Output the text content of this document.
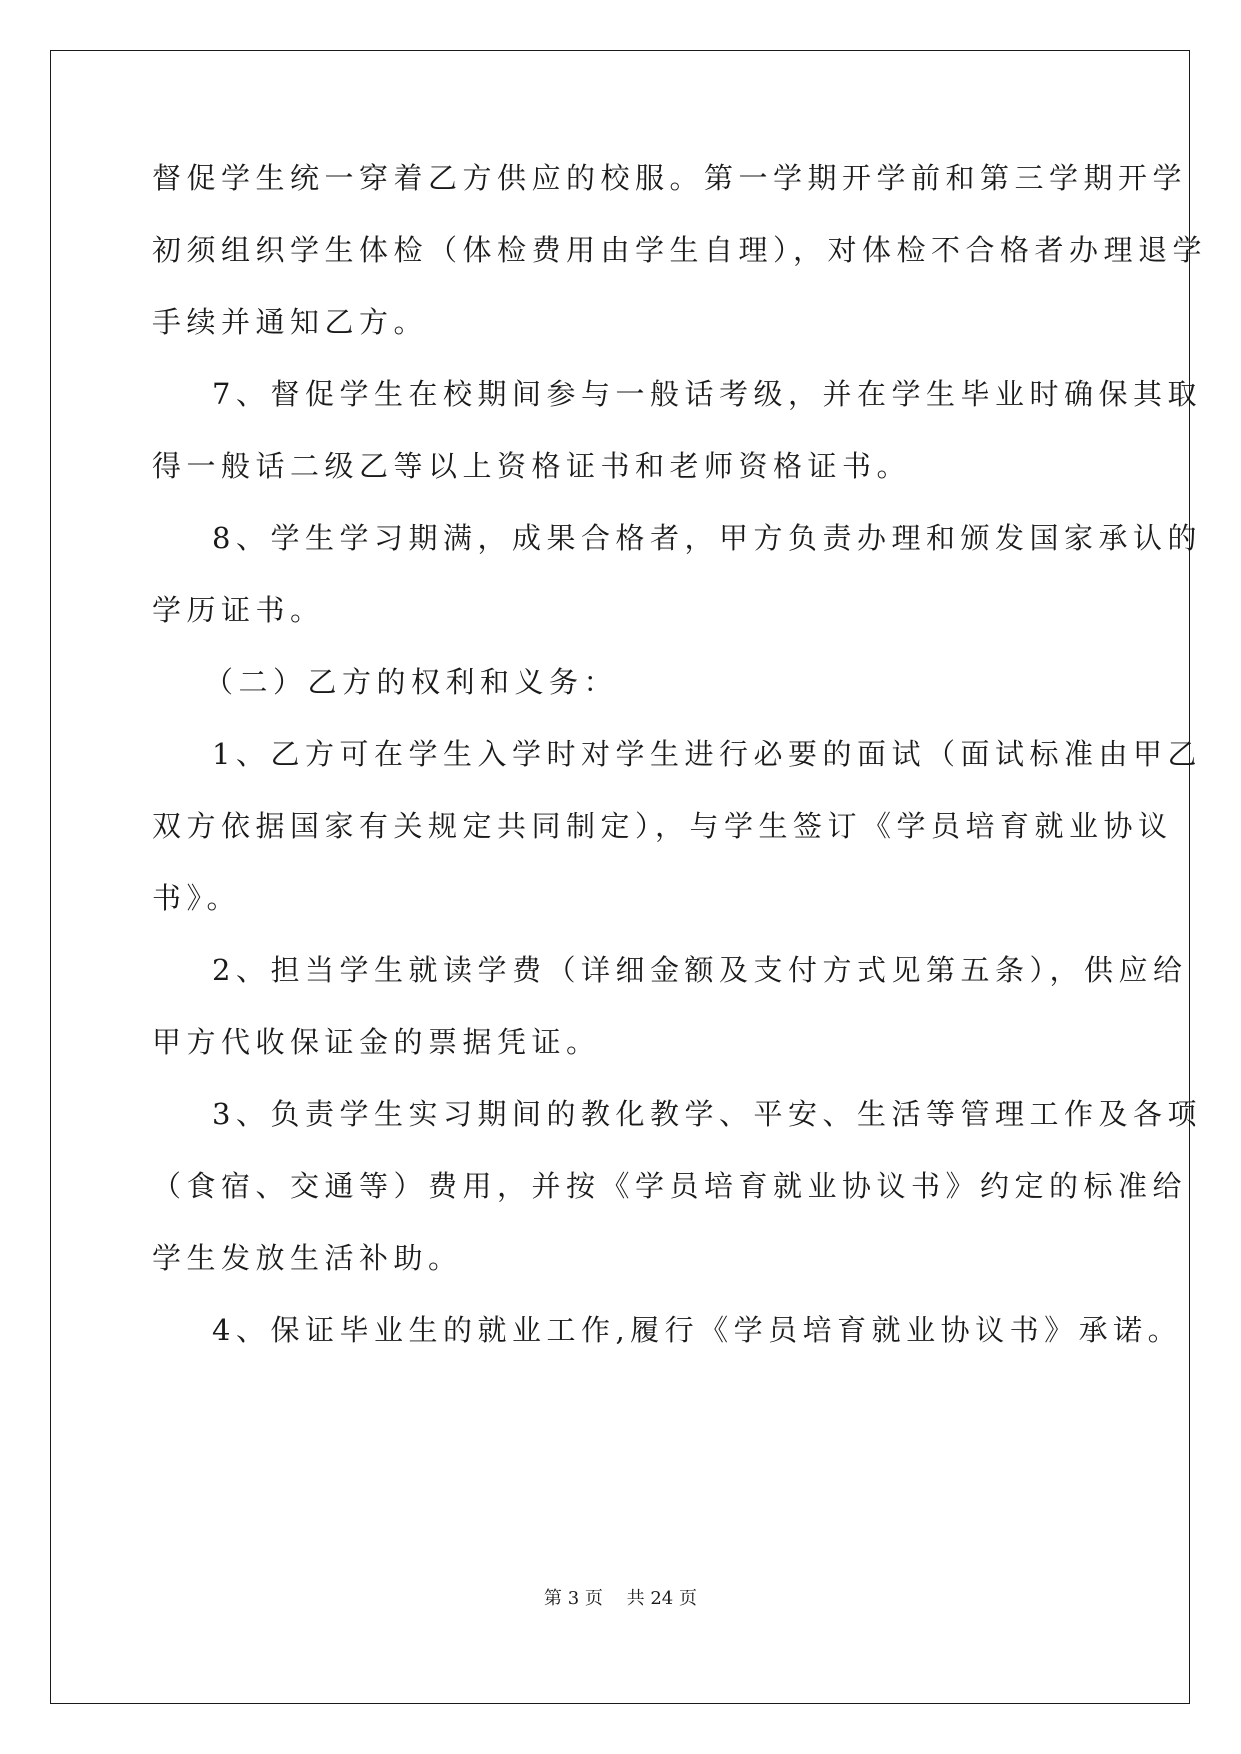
督促学生统一穿着乙方供应的校服。第一学期开学前和第三学期开学
初须组织学生体检（体检费用由学生自理），对体检不合格者办理退学
手续并通知乙方。
7、督促学生在校期间参与一般话考级，并在学生毕业时确保其取
得一般话二级乙等以上资格证书和老师资格证书。
8、学生学习期满，成果合格者，甲方负责办理和颁发国家承认的
学历证书。
（二）乙方的权利和义务：
1、乙方可在学生入学时对学生进行必要的面试（面试标准由甲乙
双方依据国家有关规定共同制定），与学生签订《学员培育就业协议
书》。
2、担当学生就读学费（详细金额及支付方式见第五条），供应给
甲方代收保证金的票据凭证。
3、负责学生实习期间的教化教学、平安、生活等管理工作及各项
（食宿、交通等）费用，并按《学员培育就业协议书》约定的标准给
学生发放生活补助。
4、保证毕业生的就业工作,履行《学员培育就业协议书》承诺。
第 3 页　 共 24 页
